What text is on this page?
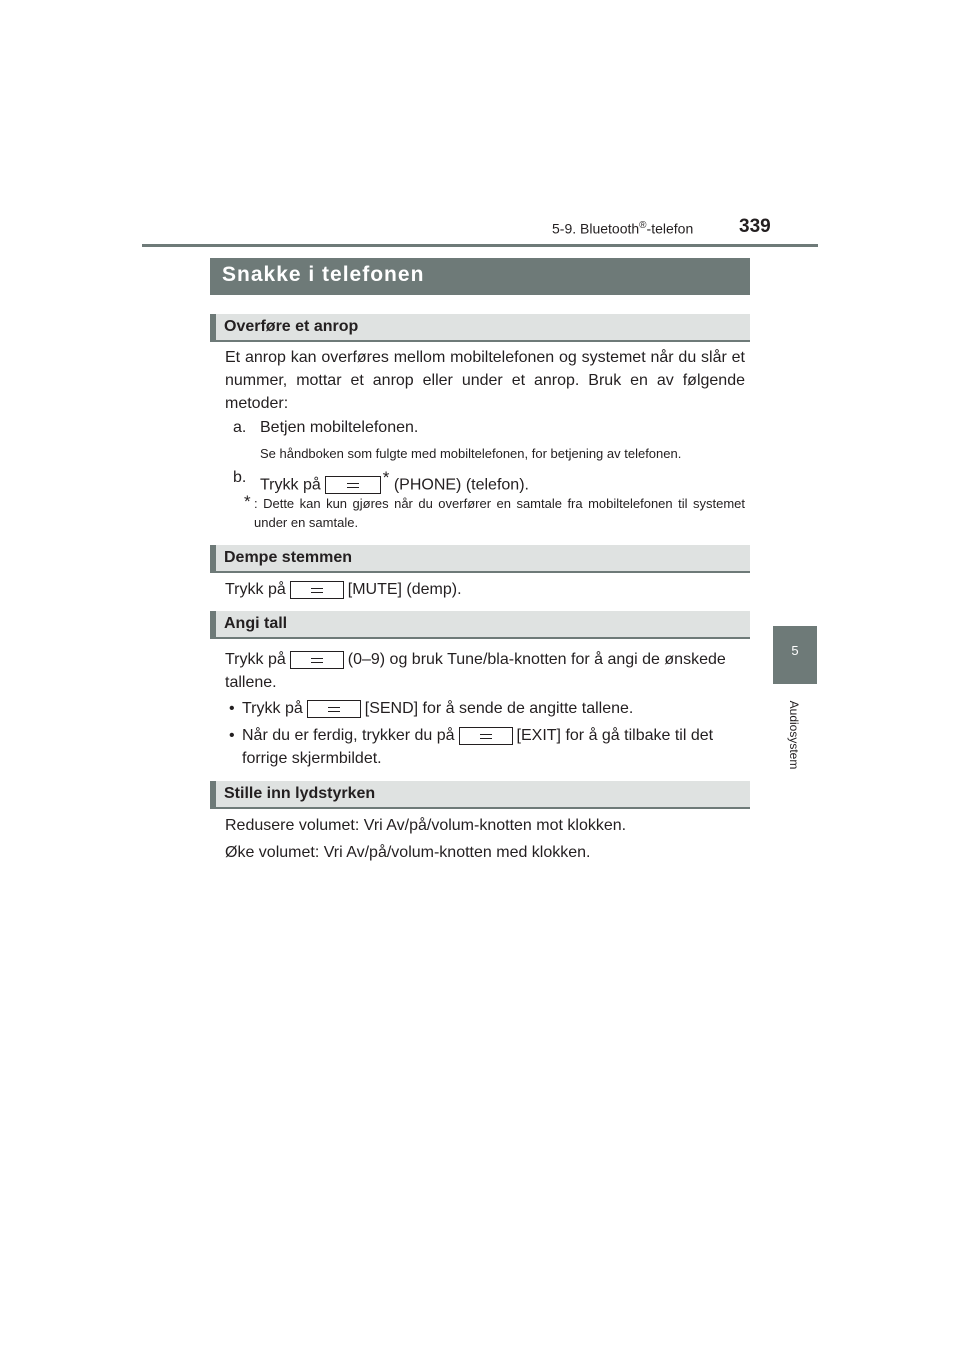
5-9. Bluetooth®-telefon 339
5
Audiosystem
Snakke i telefonen
Overføre et anrop
Et anrop kan overføres mellom mobiltelefonen og systemet når du slår et nummer, mottar et anrop eller under et anrop. Bruk en av følgende metoder:
a. Betjen mobiltelefonen.
Se håndboken som fulgte med mobiltelefonen, for betjening av telefonen.
b. Trykk på	* (PHONE) (telefon).
* : Dette kan kun gjøres når du overfører en samtale fra mobiltelefonen til systemet under en samtale.
Dempe stemmen
Trykk på	[MUTE] (demp).
Angi tall
Trykk på	(0–9) og bruk Tune/bla-knotten for å angi de ønskede
tallene.
• Trykk på	[SEND] for å sende de angitte tallene.
• Når du er ferdig, trykker du på	[EXIT] for å gå tilbake til det
forrige skjermbildet.
Stille inn lydstyrken
Redusere volumet: Vri Av/på/volum-knotten mot klokken.
Øke volumet: Vri Av/på/volum-knotten med klokken.
